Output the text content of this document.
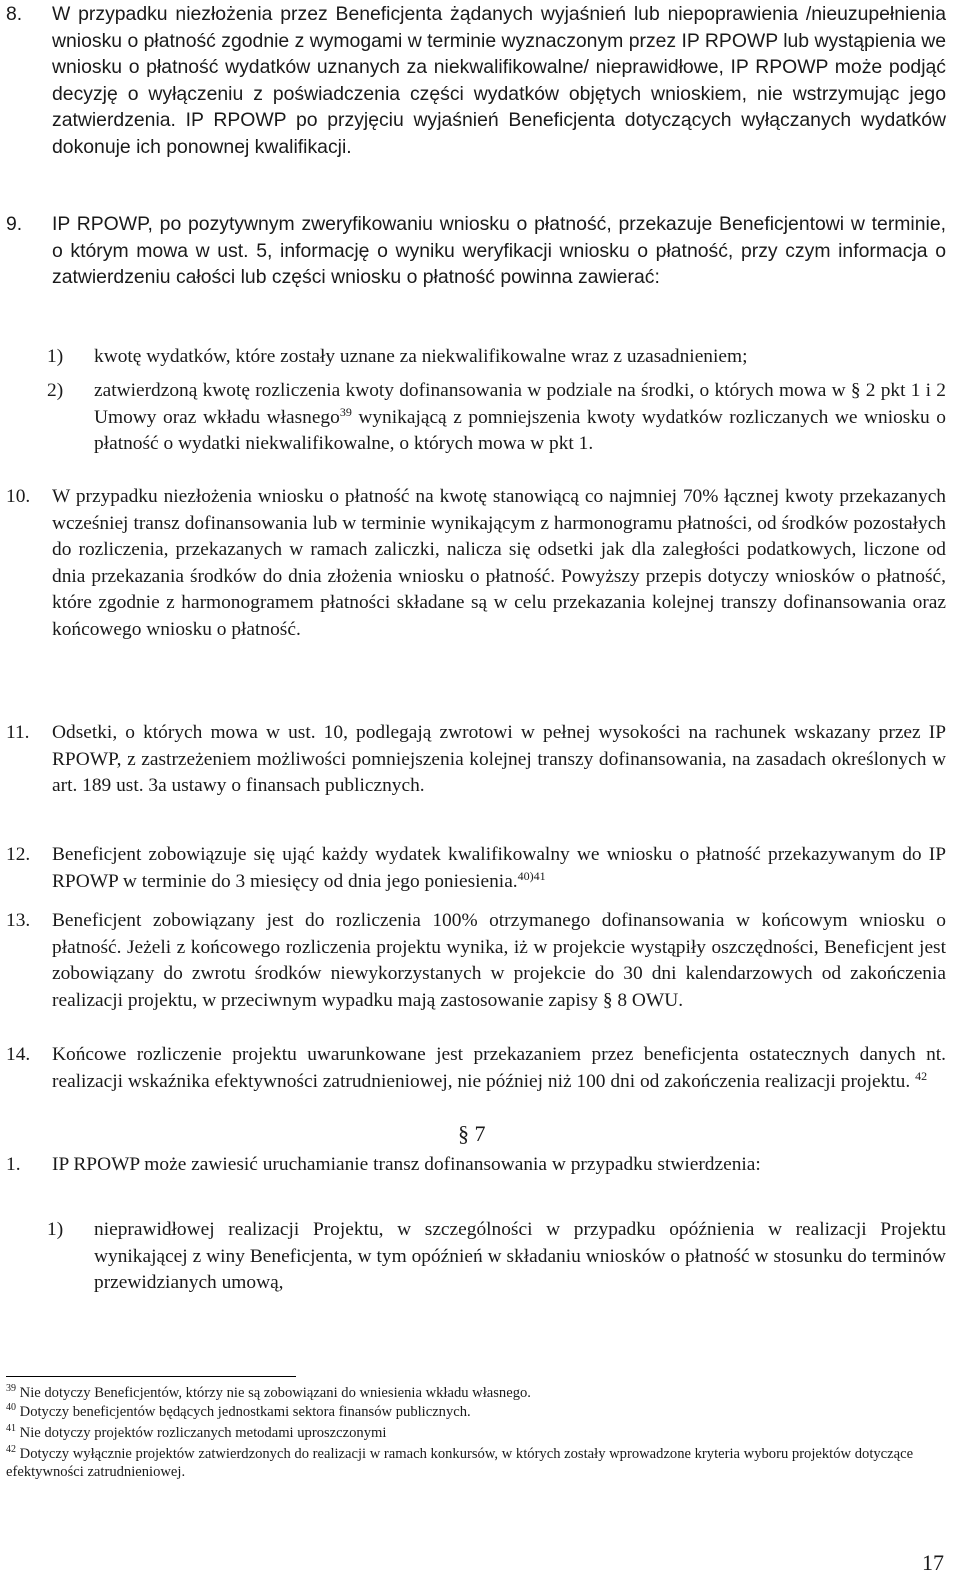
8. W przypadku niezłożenia przez Beneficjenta żądanych wyjaśnień lub niepoprawienia /nieuzupełnienia wniosku o płatność zgodnie z wymogami w terminie wyznaczonym przez IP RPOWP lub wystąpienia we wniosku o płatność wydatków uznanych za niekwalifikowalne/ nieprawidłowe, IP RPOWP może podjąć decyzję o wyłączeniu z poświadczenia części wydatków objętych wnioskiem, nie wstrzymując jego zatwierdzenia. IP RPOWP po przyjęciu wyjaśnień Beneficjenta dotyczących wyłączanych wydatków dokonuje ich ponownej kwalifikacji.
9. IP RPOWP, po pozytywnym zweryfikowaniu wniosku o płatność, przekazuje Beneficjentowi w terminie, o którym mowa w ust. 5, informację o wyniku weryfikacji wniosku o płatność, przy czym informacja o zatwierdzeniu całości lub części wniosku o płatność powinna zawierać:
1) kwotę wydatków, które zostały uznane za niekwalifikowalne wraz z uzasadnieniem;
2) zatwierdzoną kwotę rozliczenia kwoty dofinansowania w podziale na środki, o których mowa w § 2 pkt 1 i 2 Umowy oraz wkładu własnego$^{39}$ wynikającą z pomniejszenia kwoty wydatków rozliczanych we wniosku o płatność o wydatki niekwalifikowalne, o których mowa w pkt 1.
10. W przypadku niezłożenia wniosku o płatność na kwotę stanowiącą co najmniej 70% łącznej kwoty przekazanych wcześniej transz dofinansowania lub w terminie wynikającym z harmonogramu płatności, od środków pozostałych do rozliczenia, przekazanych w ramach zaliczki, nalicza się odsetki jak dla zaległości podatkowych, liczone od dnia przekazania środków do dnia złożenia wniosku o płatność. Powyższy przepis dotyczy wniosków o płatność, które zgodnie z harmonogramem płatności składane są w celu przekazania kolejnej transzy dofinansowania oraz końcowego wniosku o płatność.
11. Odsetki, o których mowa w ust. 10, podlegają zwrotowi w pełnej wysokości na rachunek wskazany przez IP RPOWP, z zastrzeżeniem możliwości pomniejszenia kolejnej transzy dofinansowania, na zasadach określonych w art. 189 ust. 3a ustawy o finansach publicznych.
12. Beneficjent zobowiązuje się ująć każdy wydatek kwalifikowalny we wniosku o płatność przekazywanym do IP RPOWP w terminie do 3 miesięcy od dnia jego poniesienia.$^{40)41}$
13. Beneficjent zobowiązany jest do rozliczenia 100% otrzymanego dofinansowania w końcowym wniosku o płatność. Jeżeli z końcowego rozliczenia projektu wynika, iż w projekcie wystąpiły oszczędności, Beneficjent jest zobowiązany do zwrotu środków niewykorzystanych w projekcie do 30 dni kalendarzowych od zakończenia realizacji projektu, w przeciwnym wypadku mają zastosowanie zapisy § 8 OWU.
14. Końcowe rozliczenie projektu uwarunkowane jest przekazaniem przez beneficjenta ostatecznych danych nt. realizacji wskaźnika efektywności zatrudnieniowej, nie później niż 100 dni od zakończenia realizacji projektu. $^{42}$
§ 7
1. IP RPOWP może zawiesić uruchamianie transz dofinansowania w przypadku stwierdzenia:
1) nieprawidłowej realizacji Projektu, w szczególności w przypadku opóźnienia w realizacji Projektu wynikającej z winy Beneficjenta, w tym opóźnień w składaniu wniosków o płatność w stosunku do terminów przewidzianych umową,
$^{39}$ Nie dotyczy Beneficjentów, którzy nie są zobowiązani do wniesienia wkładu własnego.
$^{40}$ Dotyczy beneficjentów będących jednostkami sektora finansów publicznych.
$^{41}$ Nie dotyczy projektów rozliczanych metodami uproszczonymi
$^{42}$ Dotyczy wyłącznie projektów zatwierdzonych do realizacji w ramach konkursów, w których zostały wprowadzone kryteria wyboru projektów dotyczące efektywności zatrudnieniowej.
17
